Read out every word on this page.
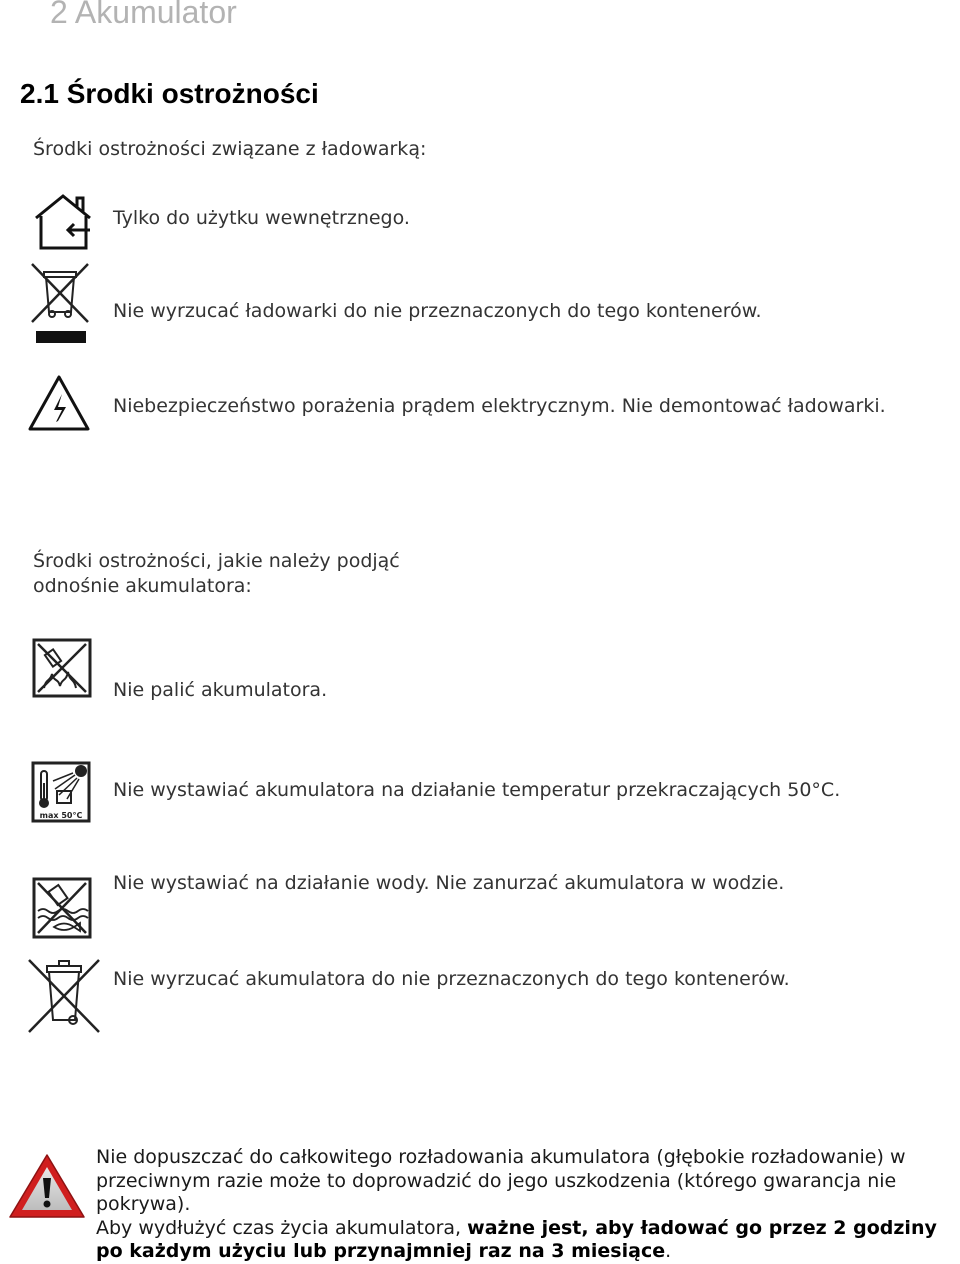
2 Akumulator
2.1 Środki ostrożności
Środki ostrożności związane z ładowarką:
Tylko do użytku wewnętrznego.
Nie wyrzucać ładowarki do nie przeznaczonych do tego kontenerów.
Niebezpieczeństwo porażenia prądem elektrycznym. Nie demontować ładowarki.
Środki ostrożności, jakie należy podjąć
odnośnie akumulatora:
Nie palić akumulatora.
max 50°C
Nie wystawiać akumulatora na działanie temperatur przekraczających 50°C.
Nie wystawiać na działanie wody. Nie zanurzać akumulatora w wodzie.
Nie wyrzucać akumulatora do nie przeznaczonych do tego kontenerów.
Nie dopuszczać do całkowitego rozładowania akumulatora (głębokie rozładowanie) w przeciwnym razie może to doprowadzić do jego uszkodzenia (którego gwarancja nie pokrywa).
Aby wydłużyć czas życia akumulatora, ważne jest, aby ładować go przez 2 godziny po każdym użyciu lub przynajmniej raz na 3 miesiące.
